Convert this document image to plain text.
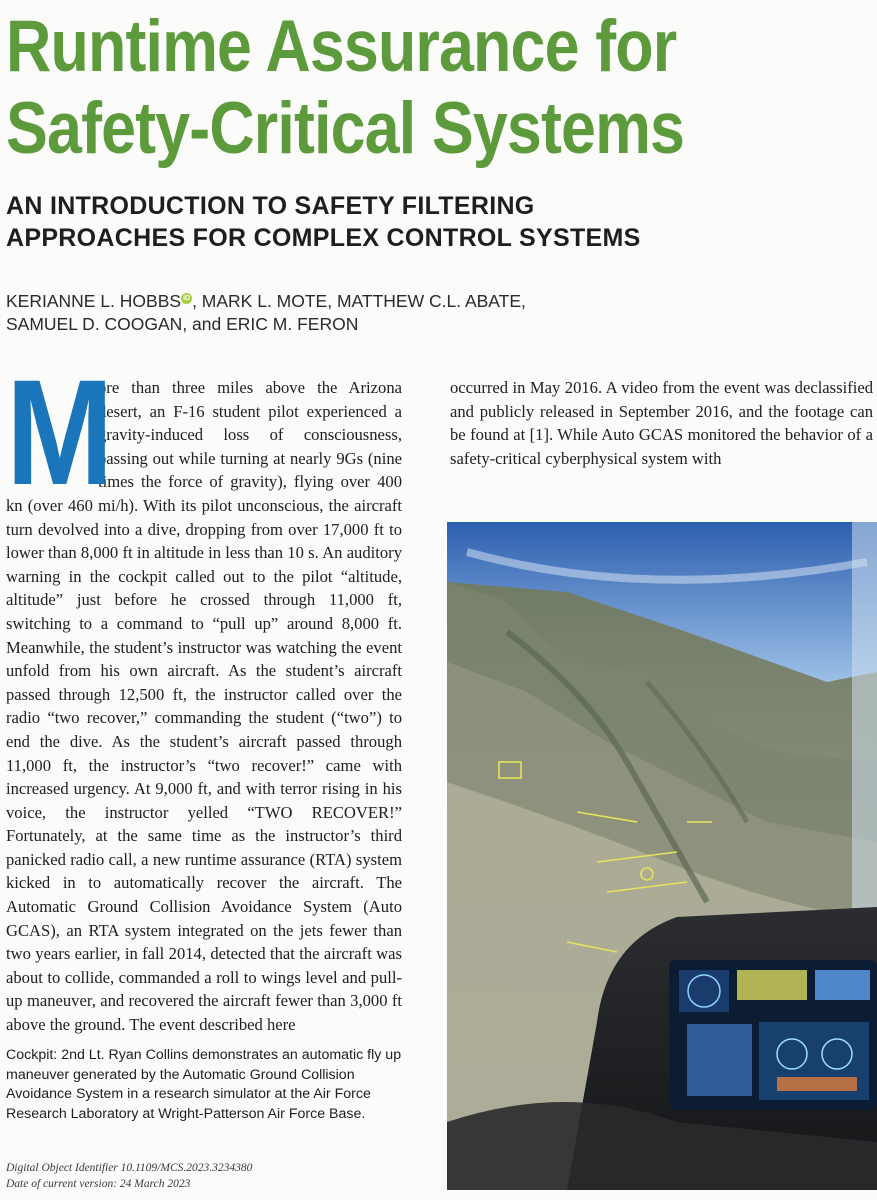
Runtime Assurance for
Safety-Critical Systems
AN INTRODUCTION TO SAFETY FILTERING
APPROACHES FOR COMPLEX CONTROL SYSTEMS

KERIANNE L. HOBBS iD , MARK L. MOTE, MATTHEW C.L. ABATE,
SAMUEL D. COOGAN, and ERIC M. FERON

M
ore than three miles above the Arizona desert, an F-16 student pilot experienced a gravity-induced loss of consciousness, passing out while turning at nearly 9Gs (nine times the force of gravity), flying over 400 kn (over 460 mi/h). With its pilot unconscious, the aircraft turn devolved into a dive, dropping from over 17,000 ft to lower than 8,000 ft in altitude in less than 10 s. An auditory warning in the cockpit called out to the pilot “altitude, altitude” just before he crossed through 11,000 ft, switching to a command to “pull up” around 8,000 ft. Meanwhile, the student’s instructor was watching the event unfold from his own aircraft. As the student’s aircraft passed through 12,500 ft, the instructor called over the radio “two recover,” commanding the student (“two”) to end the dive. As the student’s aircraft passed through 11,000 ft, the instructor’s “two recover!” came with increased urgency. At 9,000 ft, and with terror rising in his voice, the instructor yelled “TWO RECOVER!” Fortunately, at the same time as the instructor’s third panicked radio call, a new runtime assurance (RTA) system kicked in to automatically recover the aircraft. The Automatic Ground Collision Avoidance System (Auto GCAS), an RTA system integrated on the jets fewer than two years earlier, in fall 2014, detected that the aircraft was about to collide, commanded a roll to wings level and pull-up maneuver, and recovered the aircraft fewer than 3,000 ft above the ground. The event described here

occurred in May 2016. A video from the event was declassified and publicly released in September 2016, and the footage can be found at [1]. While Auto GCAS monitored the behavior of a safety-critical cyberphysical system with

Cockpit: 2nd Lt. Ryan Collins demonstrates an automatic fly up maneuver generated by the Automatic Ground Collision Avoidance System in a research simulator at the Air Force Research Laboratory at Wright-Patterson Air Force Base.

Digital Object Identifier 10.1109/MCS.2023.3234380
Date of current version: 24 March 2023
